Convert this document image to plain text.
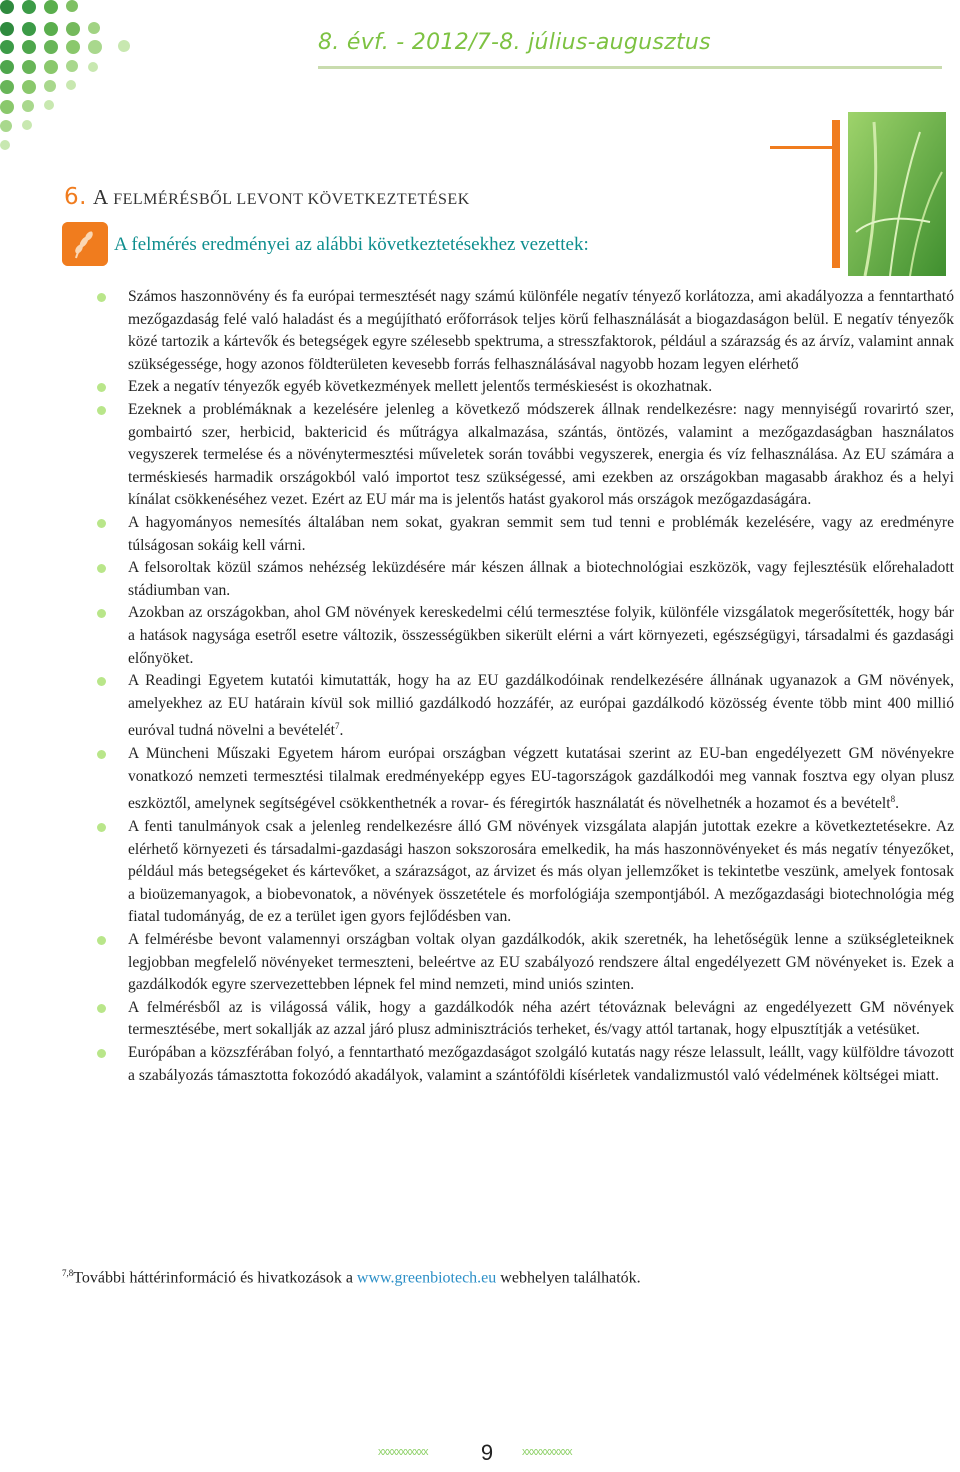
8. évf. - 2012/7-8. július-augusztus
6. A FELMÉRÉSBŐL LEVONT KÖVETKEZTETÉSEK
A felmérés eredményei az alábbi következtetésekhez vezettek:
Számos haszonnövény és fa európai termesztését nagy számú különféle negatív tényező korlátozza, ami akadályozza a fenntartható mezőgazdaság felé való haladást és a megújítható erőforrások teljes körű felhasználását a biogazdaságon belül. E negatív tényezők közé tartozik a kártevők és betegségek egyre szélesebb spektruma, a stresszfaktorok, például a szárazság és az árvíz, valamint annak szükségessége, hogy azonos földterületen kevesebb forrás felhasználásával nagyobb hozam legyen elérhető
Ezek a negatív tényezők egyéb következmények mellett jelentős terméskiesést is okozhatnak.
Ezeknek a problémáknak a kezelésére jelenleg a következő módszerek állnak rendelkezésre: nagy mennyiségű rovarirtó szer, gombairtó szer, herbicid, baktericid és műtrágya alkalmazása, szántás, öntözés, valamint a mezőgazdaságban használatos vegyszerek termelése és a növénytermesztési műveletek során további vegyszerek, energia és víz felhasználása. Az EU számára a terméskiesés harmadik országokból való importot tesz szükségessé, ami ezekben az országokban magasabb árakhoz és a helyi kínálat csökkenéséhez vezet. Ezért az EU már ma is jelentős hatást gyakorol más országok mezőgazdaságára.
A hagyományos nemesítés általában nem sokat, gyakran semmit sem tud tenni e problémák kezelésére, vagy az eredményre túlságosan sokáig kell várni.
A felsoroltak közül számos nehézség leküzdésére már készen állnak a biotechnológiai eszközök, vagy fejlesztésük előrehaladott stádiumban van.
Azokban az országokban, ahol GM növények kereskedelmi célú termesztése folyik, különféle vizsgálatok megerősítették, hogy bár a hatások nagysága esetről esetre változik, összességükben sikerült elérni a várt környezeti, egészségügyi, társadalmi és gazdasági előnyöket.
A Readingi Egyetem kutatói kimutatták, hogy ha az EU gazdálkodóinak rendelkezésére állnának ugyanazok a GM növények, amelyekhez az EU határain kívül sok millió gazdálkodó hozzáfér, az európai gazdálkodó közösség évente több mint 400 millió euróval tudná növelni a bevételét$^7$.
A Müncheni Műszaki Egyetem három európai országban végzett kutatásai szerint az EU-ban engedélyezett GM növényekre vonatkozó nemzeti termesztési tilalmak eredményeképp egyes EU-tagországok gazdálkodói meg vannak fosztva egy olyan plusz eszköztől, amelynek segítségével csökkenthetnék a rovar- és féregirtók használatát és növelhetnék a hozamot és a bevételt$^8$.
A fenti tanulmányok csak a jelenleg rendelkezésre álló GM növények vizsgálata alapján jutottak ezekre a következtetésekre. Az elérhető környezeti és társadalmi-gazdasági haszon sokszorosára emelkedik, ha más haszonnövényeket és más negatív tényezőket, például más betegségeket és kártevőket, a szárazságot, az árvizet és más olyan jellemzőket is tekintetbe veszünk, amelyek fontosak a bioüzemanyagok, a biobevonatok, a növények összetétele és morfológiája szempontjából. A mezőgazdasági biotechnológia még fiatal tudományág, de ez a terület igen gyors fejlődésben van.
A felmérésbe bevont valamennyi országban voltak olyan gazdálkodók, akik szeretnék, ha lehetőségük lenne a szükségleteiknek legjobban megfelelő növényeket termeszteni, beleértve az EU szabályozó rendszere által engedélyezett GM növényeket is. Ezek a gazdálkodók egyre szervezettebben lépnek fel mind nemzeti, mind uniós szinten.
A felmérésből az is világossá válik, hogy a gazdálkodók néha azért tétováznak belevágni az engedélyezett GM növények termesztésébe, mert sokallják az azzal járó plusz adminisztrációs terheket, és/vagy attól tartanak, hogy elpusztítják a vetésüket.
Európában a közszférában folyó, a fenntartható mezőgazdaságot szolgáló kutatás nagy része lelassult, leállt, vagy külföldre távozott a szabályozás támasztotta fokozódó akadályok, valamint a szántóföldi kísérletek vandalizmustól való védelmének költségei miatt.
$^{7,8}$További háttérinformáció és hivatkozások a www.greenbiotech.eu webhelyen találhatók.
xxxxxxxxxxx	9	xxxxxxxxxxx
